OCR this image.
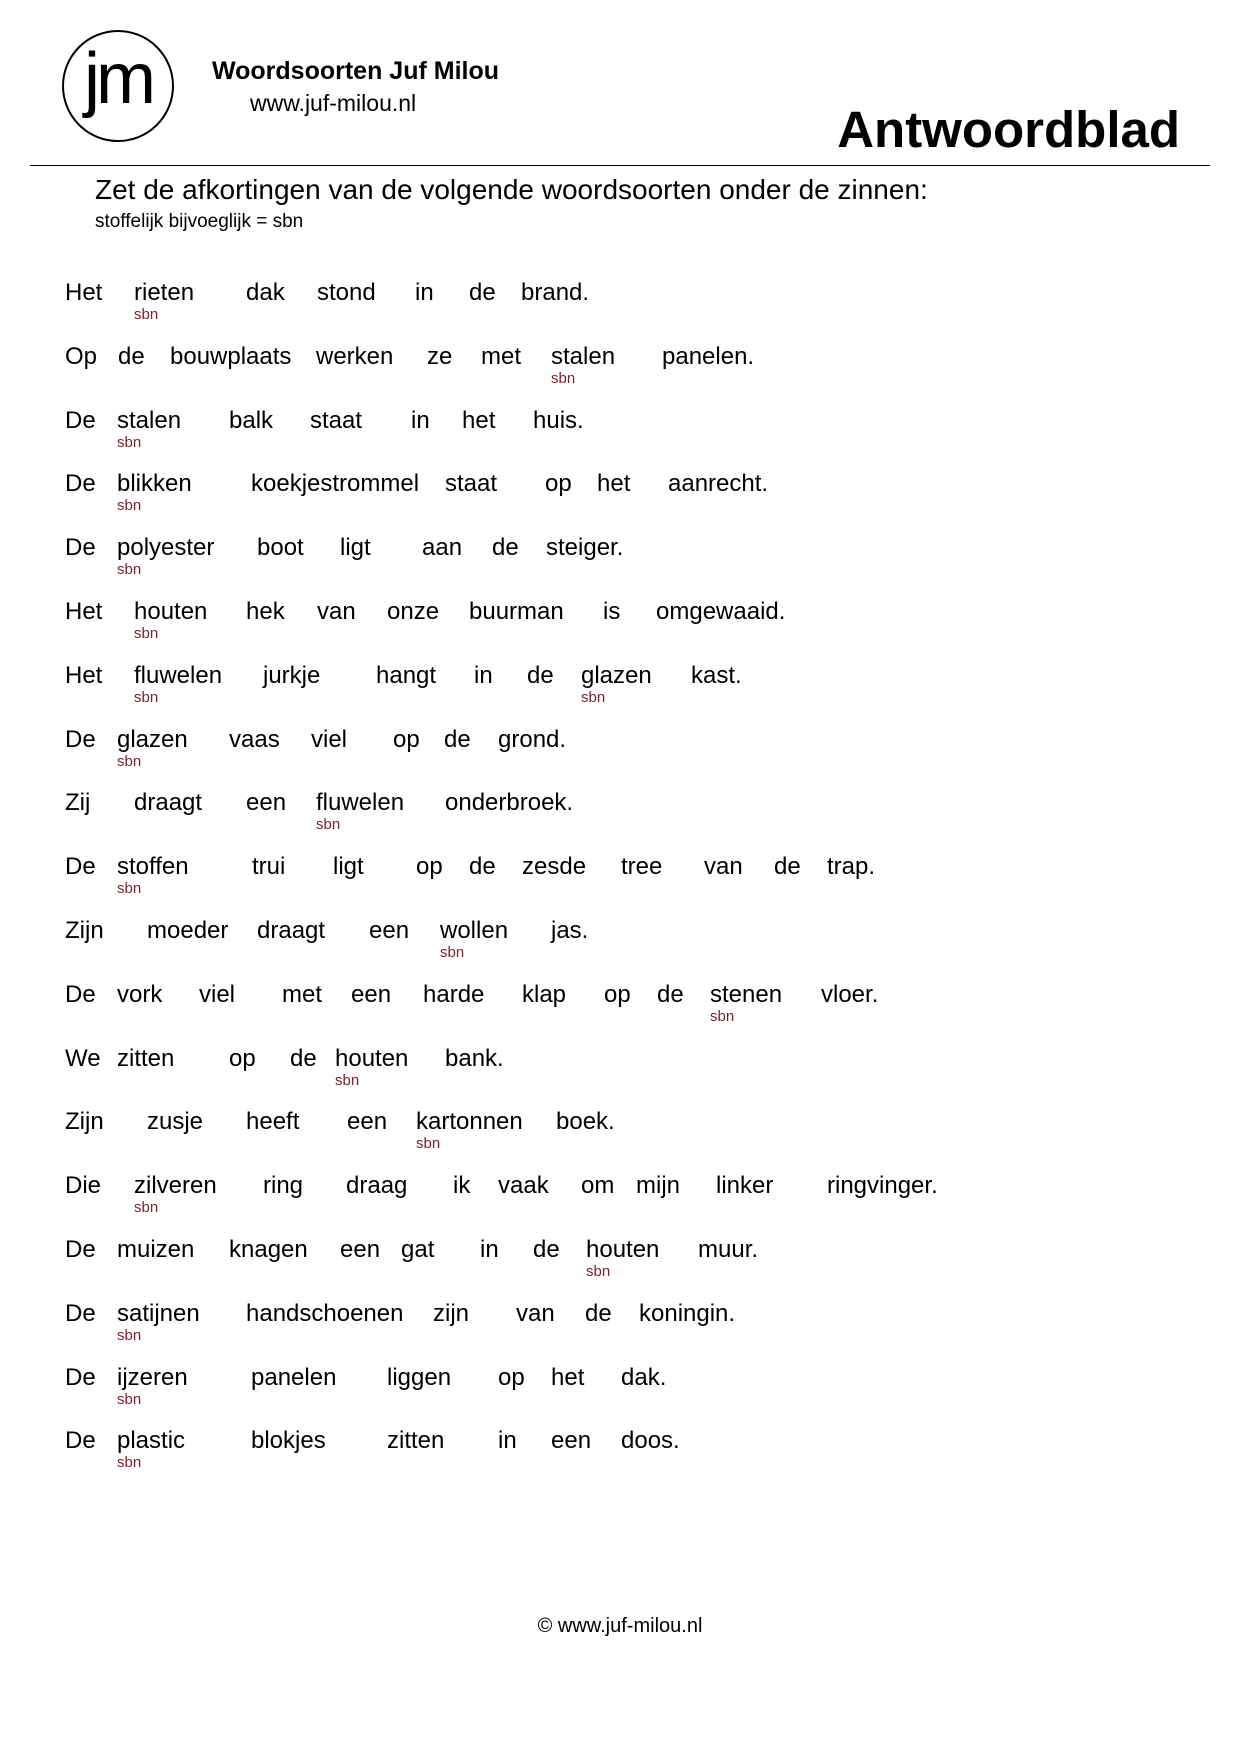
jm Woordsoorten Juf Milou
www.juf-milou.nl	Antwoordblad
Zet de afkortingen van de volgende woordsoorten onder de zinnen:
stoffelijk bijvoeglijk = sbn
Het rieten
sbn
dak stond in de brand.
Op de bouwplaats werken ze met stalen
sbn
panelen.
De stalen
sbn
balk staat in het huis.
De blikken
sbn
koekjestrommel staat op het aanrecht.
De polyester
sbn
boot ligt aan de steiger.
Het houten
sbn
hek van onze buurman is omgewaaid.
Het fluwelen
sbn
jurkje hangt in de glazen
sbn
kast.
De glazen
sbn
vaas viel op de grond.
Zij draagt een fluwelen
sbn
onderbroek.
De stoffen
sbn
trui ligt op de zesde tree van de trap.
Zijn moeder draagt een wollen
sbn
jas.
De vork viel met een harde klap op de stenen
sbn
vloer.
We zitten op de houten
sbn
bank.
Zijn zusje heeft een kartonnen
sbn
boek.
Die zilveren
sbn
ring draag ik vaak om mijn linker ringvinger.
De muizen knagen een gat in de houten
sbn
muur.
De satijnen
sbn
handschoenen zijn van de koningin.
De ijzeren
sbn
panelen liggen op het dak.
De plastic
sbn
blokjes	zitten in een doos.
© www.juf-milou.nl
